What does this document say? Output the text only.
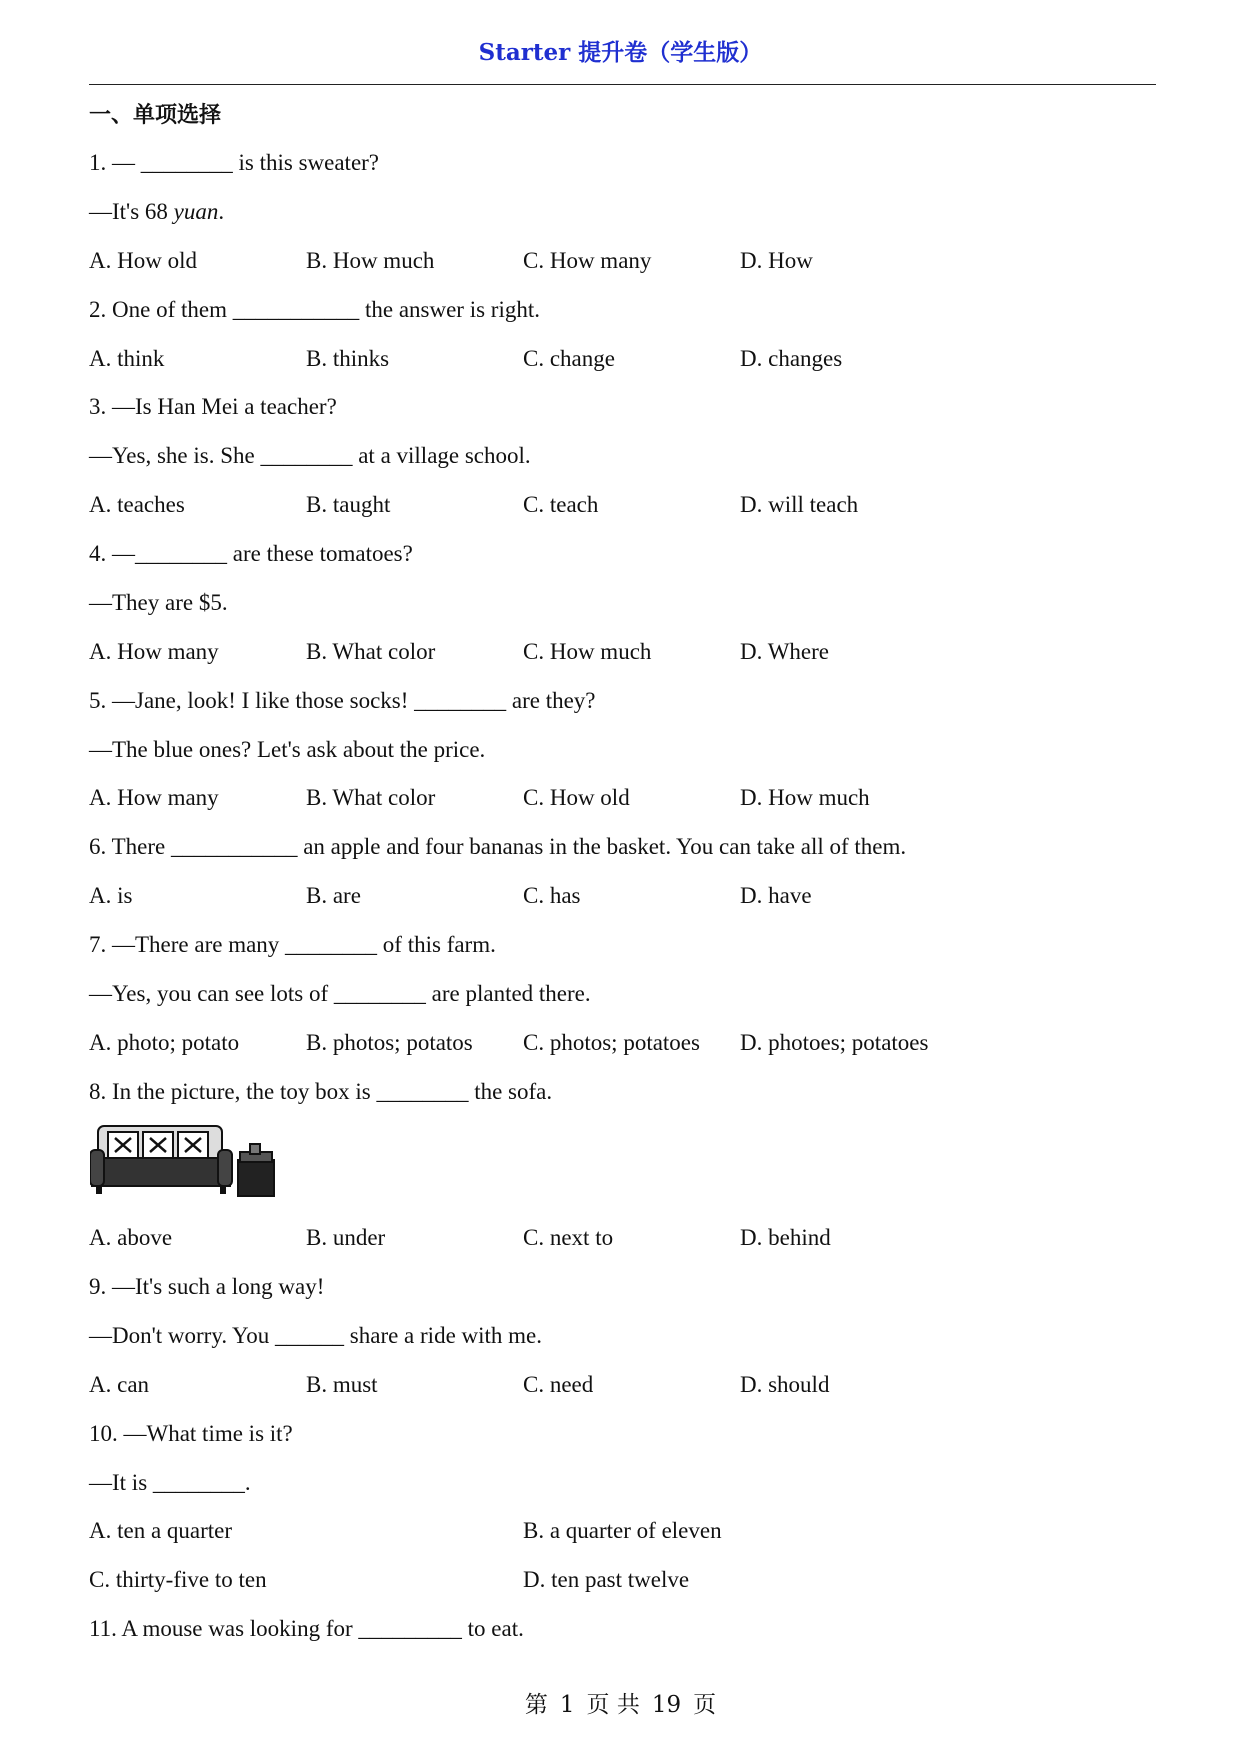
Starter 提升卷（学生版）
一、单项选择
1. — ________ is this sweater?
—It's 68 yuan.
A. How old	B. How much	C. How many	D. How
2. One of them ___________ the answer is right.
A. think	B. thinks	C. change	D. changes
3. —Is Han Mei a teacher?
—Yes, she is. She ________ at a village school.
A. teaches	B. taught	C. teach	D. will teach
4. —________ are these tomatoes?
—They are $5.
A. How many	B. What color	C. How much	D. Where
5. —Jane, look! I like those socks! ________ are they?
—The blue ones? Let's ask about the price.
A. How many	B. What color	C. How old	D. How much
6. There ___________ an apple and four bananas in the basket. You can take all of them.
A. is	B. are	C. has	D. have
7. —There are many ________ of this farm.
—Yes, you can see lots of ________ are planted there.
A. photo; potato	B. photos; potatos C. photos; potatoes D. photoes; potatoes
8. In the picture, the toy box is ________ the sofa.
A. above	B. under	C. next to	D. behind
9. —It's such a long way!
—Don't worry. You ______ share a ride with me.
A. can	B. must	C. need	D. should
10. —What time is it?
—It is ________.
A. ten a quarter	B. a quarter of eleven
C. thirty-five to ten	D. ten past twelve
11. A mouse was looking for _________ to eat.
第 1 页 共 19 页
